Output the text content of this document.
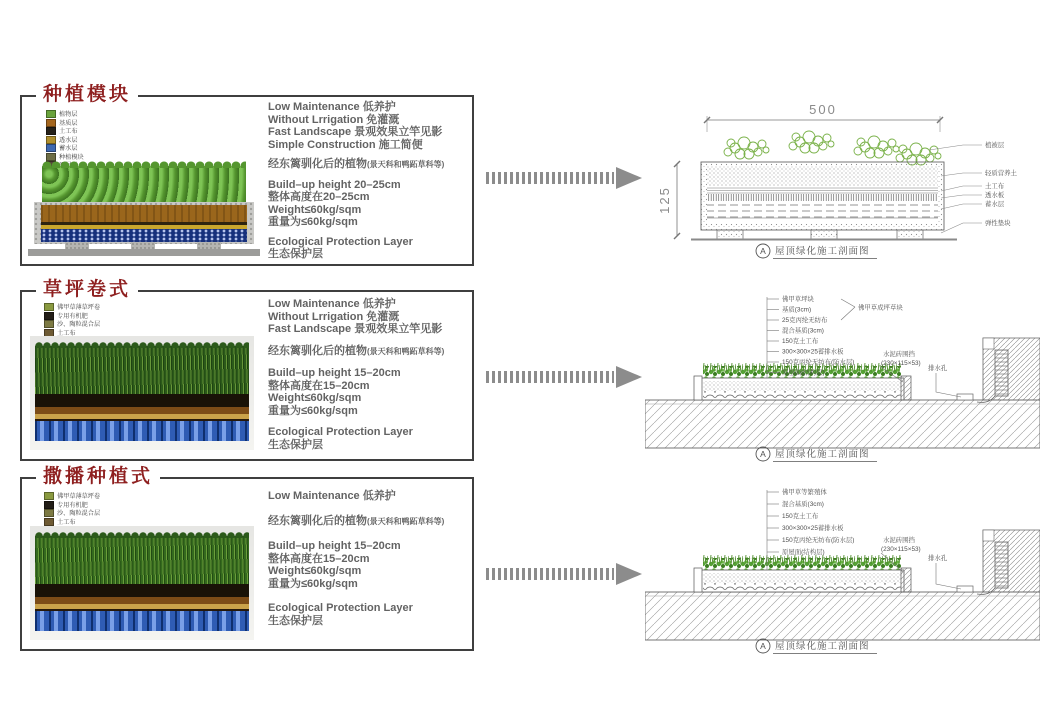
种植模块
植物层
基质层
土工布
透水层
蓄水层
种植模块
Low Maintenance 低养护
Without Lrrigation 免灌溉
Fast Landscape 景观效果立竿见影
Simple Construction 施工简便
经东篱驯化后的植物(景天科和鸭跖草科等)
Build–up height 20–25cm
整体高度在20–25cm
Weight≤60kg/sqm
重量为≤60kg/sqm
Ecological Protection Layer
生态保护层
草坪卷式
佛甲草薄草坪卷
专用有机肥
沙、陶粒混合层
土工布
Low Maintenance 低养护
Without Lrrigation 免灌溉
Fast Landscape 景观效果立竿见影
经东篱驯化后的植物(景天科和鸭跖草科等)
Build–up height 15–20cm
整体高度在15–20cm
Weight≤60kg/sqm
重量为≤60kg/sqm
Ecological Protection Layer
生态保护层
撒播种植式
佛甲草薄草坪卷
专用有机肥
沙、陶粒混合层
土工布
Low Maintenance 低养护
经东篱驯化后的植物(景天科和鸭跖草科等)
Build–up height 15–20cm
整体高度在15–20cm
Weight≤60kg/sqm
重量为≤60kg/sqm
Ecological Protection Layer
生态保护层
500
125
植被层
轻质营养土
土工布
透水板
蓄水层
弹性垫块
A 屋顶绿化施工剖面图
佛甲草坪块
基质(3cm)
25克丙纶无纺布
混合基质(3cm)
150克土工布
300×300×25蓄排水板
150克丙纶无纺布(防水层)
原屋面(结构层)
佛甲草成坪草块
水泥砖围挡
(230×115×53)
排水孔
A 屋顶绿化施工剖面图
佛甲草等繁殖体
混合基质(3cm)
150克土工布
300×300×25蓄排水板
150克丙纶无纺布(防水层)
原屋面(结构层)
水泥砖围挡
(230×115×53)
排水孔
A 屋顶绿化施工剖面图
